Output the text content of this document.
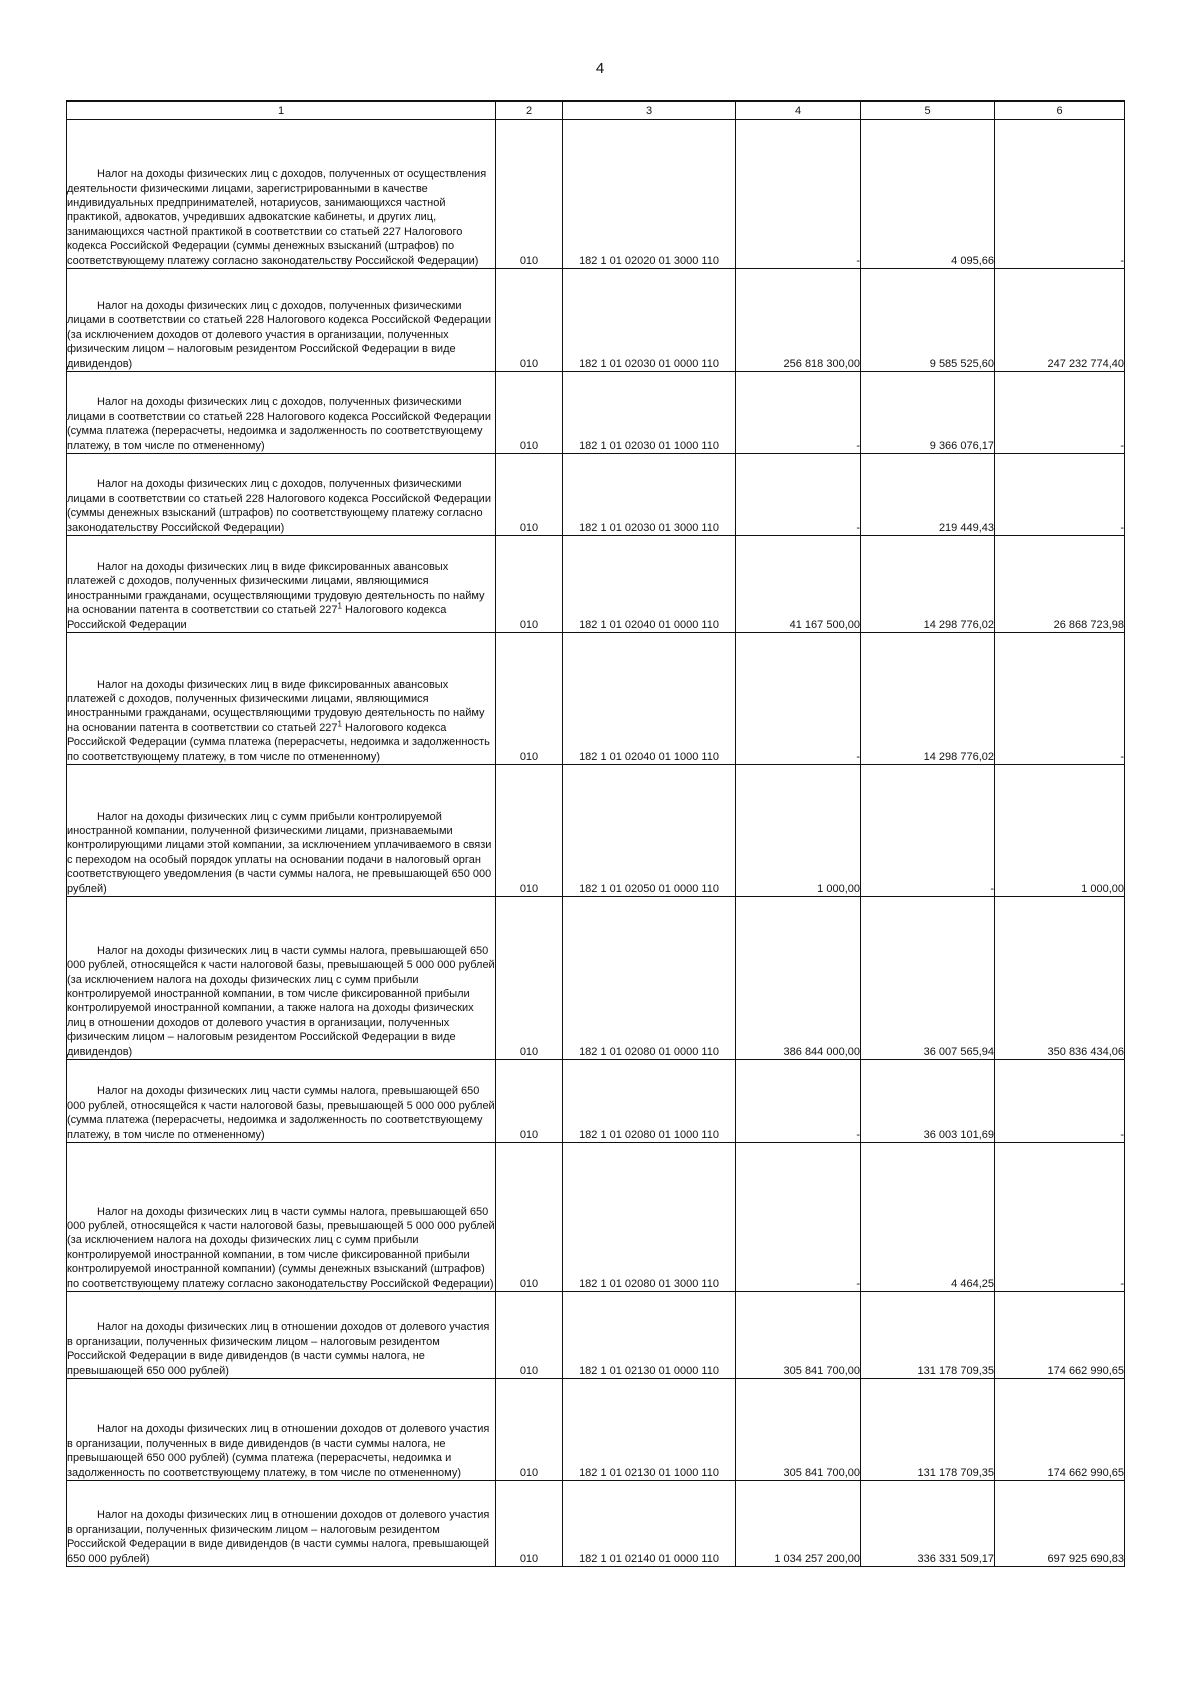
4
1	2	3	4	5	6

Налог на доходы физических лиц с доходов, полученных от осуществления деятельности физическими лицами, зарегистрированными в качестве индивидуальных предпринимателей, нотариусов, занимающихся частной практикой, адвокатов, учредивших адвокатские кабинеты, и других лиц, занимающихся частной практикой в соответствии со статьей 227 Налогового кодекса Российской Федерации (суммы денежных взысканий (штрафов) по соответствующему платежу согласно законодательству Российской Федерации)	010	182 1 01 02020 01 3000 110	-	4 095,66	-

Налог на доходы физических лиц с доходов, полученных физическими лицами в соответствии со статьей 228 Налогового кодекса Российской Федерации (за исключением доходов от долевого участия в организации, полученных физическим лицом – налоговым резидентом Российской Федерации в виде дивидендов)	010	182 1 01 02030 01 0000 110	256 818 300,00	9 585 525,60	247 232 774,40

Налог на доходы физических лиц с доходов, полученных физическими лицами в соответствии со статьей 228 Налогового кодекса Российской Федерации (сумма платежа (перерасчеты, недоимка и задолженность по соответствующему платежу, в том числе по отмененному)	010	182 1 01 02030 01 1000 110	-	9 366 076,17	-

Налог на доходы физических лиц с доходов, полученных физическими лицами в соответствии со статьей 228 Налогового кодекса Российской Федерации (суммы денежных взысканий (штрафов) по соответствующему платежу согласно законодательству Российской Федерации)	010	182 1 01 02030 01 3000 110	-	219 449,43	-

Налог на доходы физических лиц в виде фиксированных авансовых платежей с доходов, полученных физическими лицами, являющимися иностранными гражданами, осуществляющими трудовую деятельность по найму на основании патента в соответствии со статьей $227^1$ Налогового кодекса Российской Федерации	010	182 1 01 02040 01 0000 110	41 167 500,00	14 298 776,02	26 868 723,98

Налог на доходы физических лиц в виде фиксированных авансовых платежей с доходов, полученных физическими лицами, являющимися иностранными гражданами, осуществляющими трудовую деятельность по найму на основании патента в соответствии со статьей $227^1$ Налогового кодекса Российской Федерации (сумма платежа (перерасчеты, недоимка и задолженность по соответствующему платежу, в том числе по отмененному)	010	182 1 01 02040 01 1000 110	-	14 298 776,02	-

Налог на доходы физических лиц с сумм прибыли контролируемой иностранной компании, полученной физическими лицами, признаваемыми контролирующими лицами этой компании, за исключением уплачиваемого в связи с переходом на особый порядок уплаты на основании подачи в налоговый орган соответствующего уведомления (в части суммы налога, не превышающей 650 000 рублей)	010	182 1 01 02050 01 0000 110	1 000,00	-	1 000,00

Налог на доходы физических лиц в части суммы налога, превышающей 650 000 рублей, относящейся к части налоговой базы, превышающей 5 000 000 рублей (за исключением налога на доходы физических лиц с сумм прибыли контролируемой иностранной компании, в том числе фиксированной прибыли контролируемой иностранной компании, а также налога на доходы физических лиц в отношении доходов от долевого участия в организации, полученных физическим лицом – налоговым резидентом Российской Федерации в виде дивидендов)	010	182 1 01 02080 01 0000 110	386 844 000,00	36 007 565,94	350 836 434,06

Налог на доходы физических лиц части суммы налога, превышающей 650 000 рублей, относящейся к части налоговой базы, превышающей 5 000 000 рублей (сумма платежа (перерасчеты, недоимка и задолженность по соответствующему платежу, в том числе по отмененному)	010	182 1 01 02080 01 1000 110	-	36 003 101,69	-

Налог на доходы физических лиц в части суммы налога, превышающей 650 000 рублей, относящейся к части налоговой базы, превышающей 5 000 000 рублей (за исключением налога на доходы физических лиц с сумм прибыли контролируемой иностранной компании, в том числе фиксированной прибыли контролируемой иностранной компании) (суммы денежных взысканий (штрафов) по соответствующему платежу согласно законодательству Российской Федерации)	010	182 1 01 02080 01 3000 110	-	4 464,25	-

Налог на доходы физических лиц в отношении доходов от долевого участия в организации, полученных физическим лицом – налоговым резидентом Российской Федерации в виде дивидендов (в части суммы налога, не превышающей 650 000 рублей)	010	182 1 01 02130 01 0000 110	305 841 700,00	131 178 709,35	174 662 990,65

Налог на доходы физических лиц в отношении доходов от долевого участия в организации, полученных в виде дивидендов (в части суммы налога, не превышающей 650 000 рублей) (сумма платежа (перерасчеты, недоимка и задолженность по соответствующему платежу, в том числе по отмененному)	010	182 1 01 02130 01 1000 110	305 841 700,00	131 178 709,35	174 662 990,65

Налог на доходы физических лиц в отношении доходов от долевого участия в организации, полученных физическим лицом – налоговым резидентом Российской Федерации в виде дивидендов (в части суммы налога, превышающей 650 000 рублей)	010	182 1 01 02140 01 0000 110	1 034 257 200,00	336 331 509,17	697 925 690,83
